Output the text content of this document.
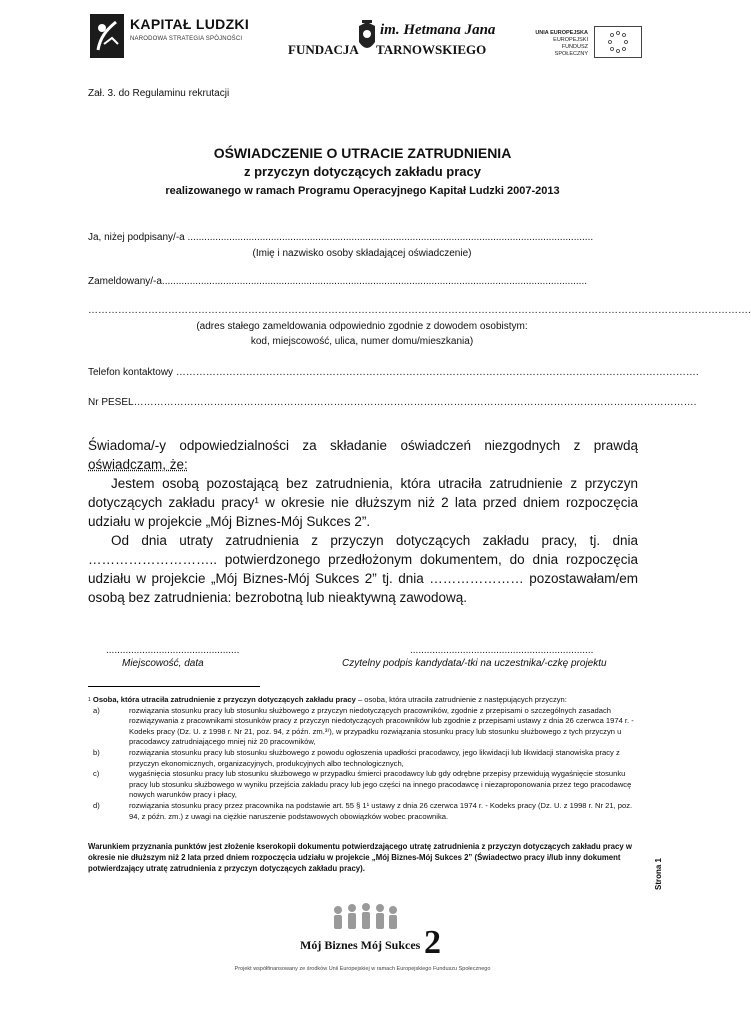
KAPITAŁ LUDZKI
NARODOWA STRATEGIA SPÓJNOŚCI
im. Hetmana Jana
FUNDACJA TARNOWSKIEGO
UNIA EUROPEJSKA
EUROPEJSKI
FUNDUSZ SPOŁECZNY
Zał. 3. do Regulaminu rekrutacji
OŚWIADCZENIE O UTRACIE ZATRUDNIENIA
z przyczyn dotyczących zakładu pracy
realizowanego w ramach Programu Operacyjnego Kapitał Ludzki 2007-2013
Ja, niżej podpisany/-a ..................................................................................................................................................
(Imię i nazwisko osoby składającej oświadczenie)
Zameldowany/-a.........................................................................................................................................................
……………………………………………………………………………………………………………………………………………………………………………….
(adres stałego zameldowania odpowiednio zgodnie z dowodem osobistym:
kod, miejscowość, ulica, numer domu/mieszkania)
Telefon kontaktowy ………………………………………………………………………………………………………………………………………….
Nr PESEL…………………………………………………………………………………………………………………………………………………….

Świadoma/-y odpowiedzialności za składanie oświadczeń niezgodnych z prawdą

oświadczam, że:

Jestem osobą pozostającą bez zatrudnienia, która utraciła zatrudnienie z przyczyn dotyczących zakładu pracy¹ w okresie nie dłuższym niż 2 lata przed dniem rozpoczęcia udziału w projekcie „Mój Biznes-Mój Sukces 2”.

Od dnia utraty zatrudnienia z przyczyn dotyczących zakładu pracy, tj. dnia ……………………….. potwierdzonego przedłożonym dokumentem, do dnia rozpoczęcia udziału w projekcie „Mój Biznes-Mój Sukces 2” tj. dnia ………………… pozostawałam/em osobą bez zatrudnienia: bezrobotną lub nieaktywną zawodową.

................................................
Miejscowość, data
..................................................................
Czytelny podpis kandydata/-tki na uczestnika/-czkę projektu
$^1$ Osoba, która utraciła zatrudnienie z przyczyn dotyczących zakładu pracy – osoba, która utraciła zatrudnienie z następujących przyczyn:
a)	rozwiązania stosunku pracy lub stosunku służbowego z przyczyn niedotyczących pracowników, zgodnie z przepisami o szczególnych zasadach rozwiązywania z pracownikami stosunków pracy z przyczyn niedotyczących pracowników lub zgodnie z przepisami ustawy z dnia 26 czerwca 1974 r. - Kodeks pracy (Dz. U. z 1998 r. Nr 21, poz. 94, z późn. zm.³⁾), w przypadku rozwiązania stosunku pracy lub stosunku służbowego z tych przyczyn u pracodawcy zatrudniającego mniej niż 20 pracowników,
b)	rozwiązania stosunku pracy lub stosunku służbowego z powodu ogłoszenia upadłości pracodawcy, jego likwidacji lub likwidacji stanowiska pracy z przyczyn ekonomicznych, organizacyjnych, produkcyjnych albo technologicznych,
c)	wygaśnięcia stosunku pracy lub stosunku służbowego w przypadku śmierci pracodawcy lub gdy odrębne przepisy przewidują wygaśnięcie stosunku pracy lub stosunku służbowego w wyniku przejścia zakładu pracy lub jego części na innego pracodawcę i niezaproponowania przez tego pracodawcę nowych warunków pracy i płacy,
d)	rozwiązania stosunku pracy przez pracownika na podstawie art. 55 § 1¹ ustawy z dnia 26 czerwca 1974 r. - Kodeks pracy (Dz. U. z 1998 r. Nr 21, poz. 94, z późn. zm.) z uwagi na ciężkie naruszenie podstawowych obowiązków wobec pracownika.
Warunkiem przyznania punktów jest złożenie kserokopii dokumentu potwierdzającego utratę zatrudnienia z przyczyn dotyczących zakładu pracy w okresie nie dłuższym niż 2 lata przed dniem rozpoczęcia udziału w projekcie „Mój Biznes-Mój Sukces 2” (Świadectwo pracy i/lub inny dokument potwierdzający utratę zatrudnienia z przyczyn dotyczących zakładu pracy).	Strona 1
Mój Biznes Mój Sukces 2
Projekt współfinansowany ze środków Unii Europejskiej w ramach Europejskiego Funduszu Społecznego
